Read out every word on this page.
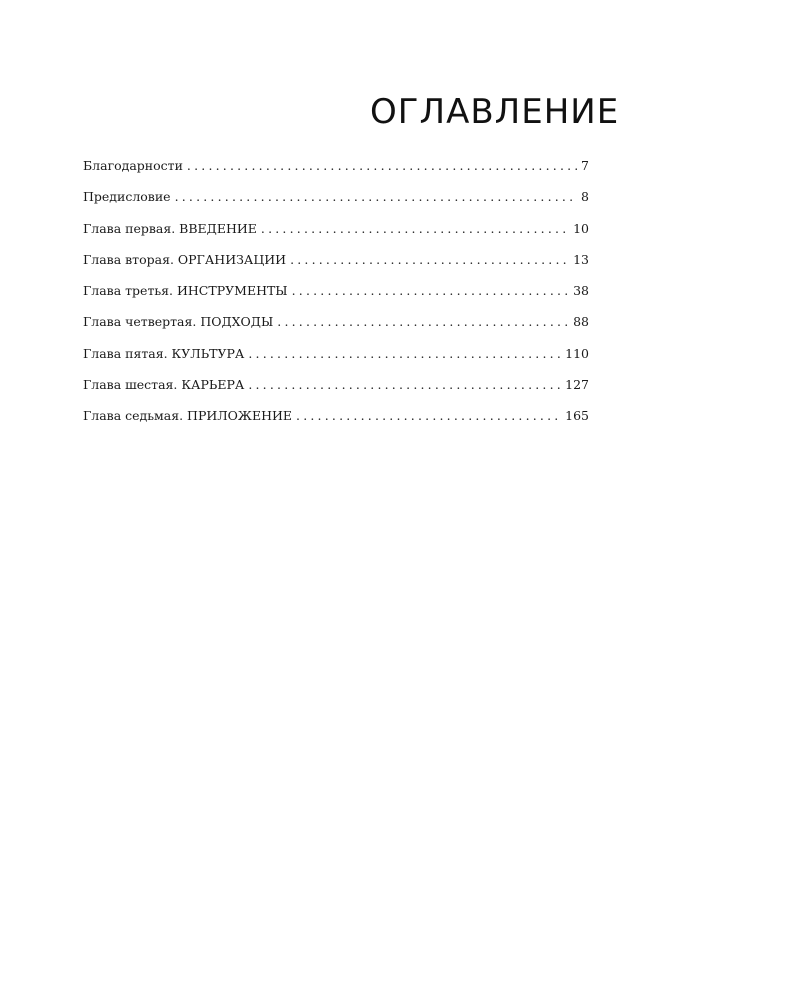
ОГЛАВЛЕНИЕ
Благодарности .....	7
Предисловие .....	8
Глава первая. ВВЕДЕНИЕ .....	10
Глава вторая. ОРГАНИЗАЦИИ .....	13
Глава третья. ИНСТРУМЕНТЫ .....	38
Глава четвертая. ПОДХОДЫ .....	88
Глава пятая. КУЛЬТУРА .....	110
Глава шестая. КАРЬЕРА .....	127
Глава седьмая. ПРИЛОЖЕНИЕ .....	165
